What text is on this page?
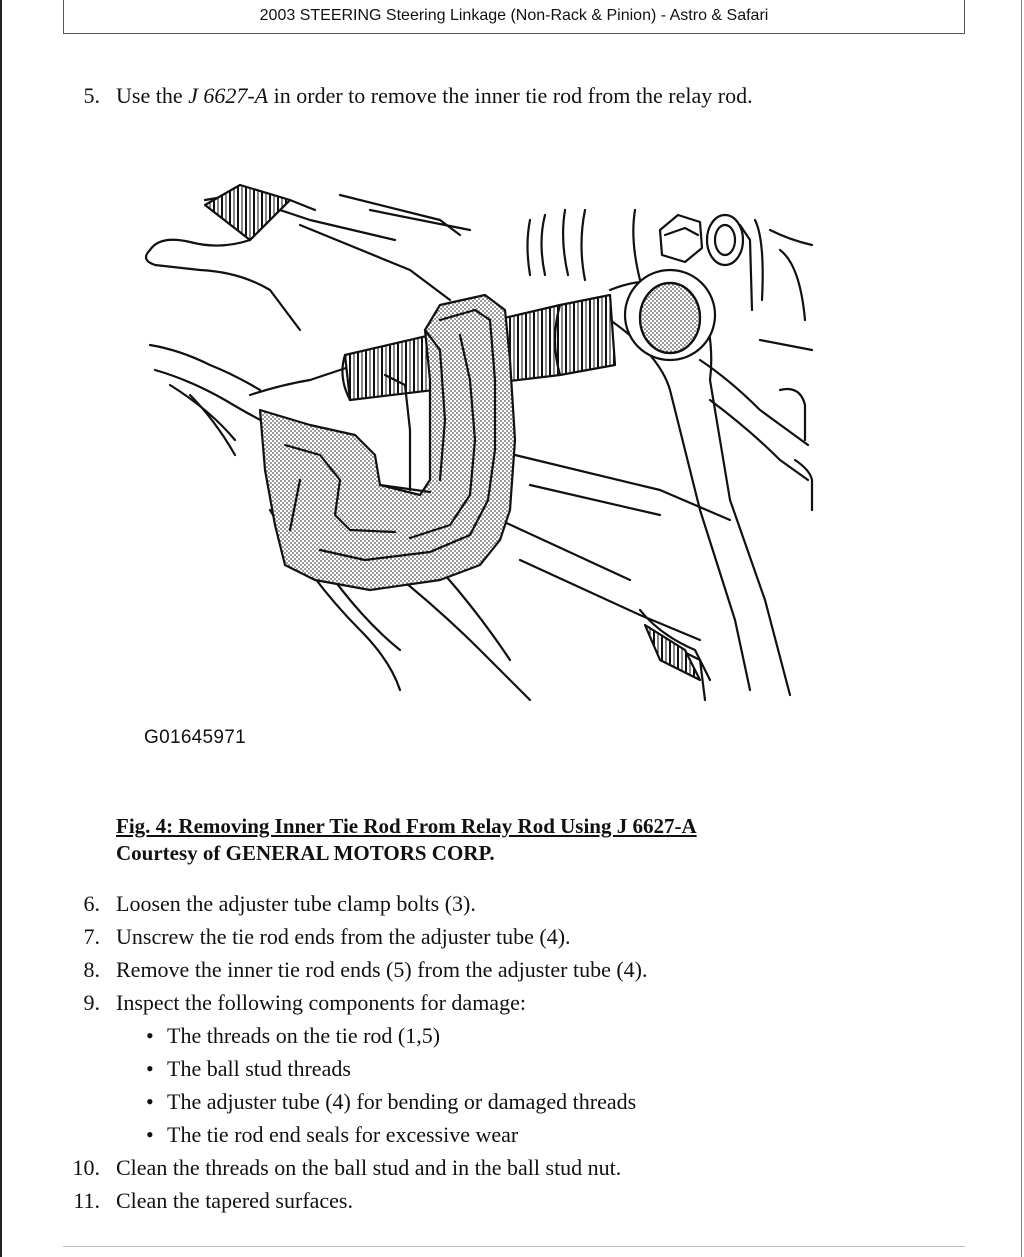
2003 STEERING Steering Linkage (Non-Rack & Pinion) - Astro & Safari
5. Use the J 6627-A in order to remove the inner tie rod from the relay rod.
G01645971
Fig. 4: Removing Inner Tie Rod From Relay Rod Using J 6627-A
Courtesy of GENERAL MOTORS CORP.
6. Loosen the adjuster tube clamp bolts (3).
7. Unscrew the tie rod ends from the adjuster tube (4).
8. Remove the inner tie rod ends (5) from the adjuster tube (4).
9. Inspect the following components for damage:
• The threads on the tie rod (1,5)
• The ball stud threads
• The adjuster tube (4) for bending or damaged threads
• The tie rod end seals for excessive wear
10. Clean the threads on the ball stud and in the ball stud nut.
11. Clean the tapered surfaces.
